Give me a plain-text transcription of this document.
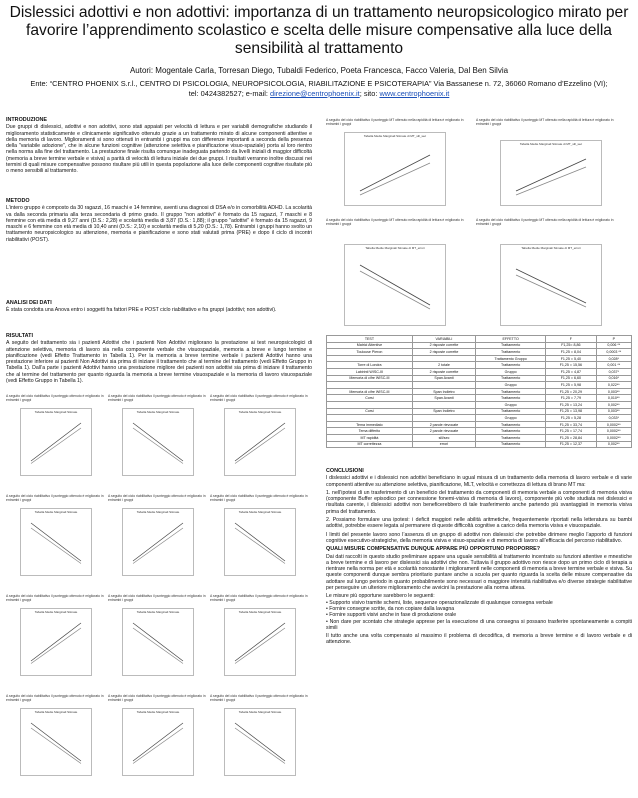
Dislessici adottivi e non adottivi: importanza di un trattamento neuropsicologico mirato per favorire l’apprendimento scolastico e scelta delle misure compensative alla luce della sensibilità al trattamento
Autori: Mogentale Carla, Torresan Diego, Tubaldi Federico, Poeta Francesca, Facco Valeria, Dal Ben Silvia
Ente: “CENTRO PHOENIX S.r.l., CENTRO DI PSICOLOGIA, NEUROPSICOLOGIA, RIABILITAZIONE E PSICOTERAPIA” Via Bassanese n. 72, 36060 Romano d’Ezzelino (VI);
tel: 0424382527; e-mail: direzione@centrophoenix.it; sito: www.centrophoenix.it
INTRODUZIONE

Due gruppi di dislessici, adottivi e non adottivi, sono stati appaiati per velocità di lettura e per variabili demografiche studiando il miglioramento statisticamente e clinicamente significativo ottenuto grazie a un trattamento mirato di alcune componenti attentive e della memoria di lavoro. Miglioramenti si sono ottenuti in entrambi i gruppi ma con differenze importanti a seconda della presenza della "variabile adozione", che in alcune funzioni cognitive (attenzione selettiva e pianificazione visuo-spaziale) porta al loro rientro nella norma alla fine del trattamento. La prestazione finale risulta comunque inadeguata partendo da livelli iniziali di maggior difficoltà (memoria a breve termine verbale e visiva) a parità di velocità di lettura iniziale dei due gruppi. I risultati verranno inoltre discussi nei termini di quali misure compensative possono risultare più utili in questa popolazione alla luce delle componenti cognitive risultate più o meno sensibili al trattamento.

METODO

L’intero gruppo è composto da 30 ragazzi, 16 maschi e 14 femmine, aventi una diagnosi di DSA e/o in comorbilità ADHD. La scolarità va dalla seconda primaria alla terza secondaria di primo grado. Il gruppo "non adottivi" è formato da 15 ragazzi, 7 maschi e 8 femmine con età media di 9,27 anni (D.S.: 2,28) e scolarità media di 3,87 (D.S.: 1,88); il gruppo "adottivi" è formato da 15 ragazzi, 9 maschi e 6 femmine con età media di 10,40 anni (D.S.: 2,10) e scolarità media di 5,20 (D.S.: 1,78). Entrambi i gruppi hanno svolto un trattamento neuropsicologico su attenzione, memoria e pianificazione e sono stati valutati prima (PRE) e dopo il ciclo di incontri riabilitativi (POST).

ANALISI DEI DATI

È stata condotta una Anova entro i soggetti fra fattori PRE e POST ciclo riabilitativo e fra gruppi (adottivi; non adottivi).

RISULTATI

A seguito del trattamento sia i pazienti Adottivi che i pazienti Non Adottivi migliorano la prestazione ai test neuropsicologici di attenzione selettiva, memoria di lavoro sia nella componente verbale che visuospaziale, memoria a breve e lungo termine e pianificazione (vedi Effetto Trattamento in Tabella 1). Per la memoria a breve termine verbale i pazienti Adottivi hanno una prestazione inferiore ai pazienti Non Adottivi sia prima di iniziare il trattamento che al termine del trattamento (vedi Effetto Gruppo in Tabella 1). Dall’a parte i pazienti Adottivi hanno una prestazione migliore dei pazienti non adottivi sia prima di iniziare il trattamento che al termine del trattamento per quanto riguarda la memoria a breve termine visuospaziale e la memoria di lavoro visuospaziale (vedi Effetto Gruppo in Tabella 1).

A seguito del ciclo riabilitativo il punteggio ottenuto è migliorato in entrambi i gruppi
Tabella Medie Marginali Stimate
A seguito del ciclo riabilitativo il punteggio ottenuto è migliorato in entrambi i gruppi
Tabella Medie Marginali Stimate
A seguito del ciclo riabilitativo il punteggio ottenuto è migliorato in entrambi i gruppi
Tabella Medie Marginali Stimate
A seguito del ciclo riabilitativo il punteggio ottenuto è migliorato in entrambi i gruppi
Tabella Medie Marginali Stimate
A seguito del ciclo riabilitativo il punteggio ottenuto è migliorato in entrambi i gruppi
Tabella Medie Marginali Stimate
A seguito del ciclo riabilitativo il punteggio ottenuto è migliorato in entrambi i gruppi
Tabella Medie Marginali Stimate
A seguito del ciclo riabilitativo il punteggio ottenuto è migliorato in entrambi i gruppi
Tabella Medie Marginali Stimate
A seguito del ciclo riabilitativo il punteggio ottenuto è migliorato in entrambi i gruppi
Tabella Medie Marginali Stimate
A seguito del ciclo riabilitativo il punteggio ottenuto è migliorato in entrambi i gruppi
Tabella Medie Marginali Stimate
A seguito del ciclo riabilitativo il punteggio ottenuto è migliorato in entrambi i gruppi
Tabella Medie Marginali Stimate
A seguito del ciclo riabilitativo il punteggio ottenuto è migliorato in entrambi i gruppi
Tabella Medie Marginali Stimate
A seguito del ciclo riabilitativo il punteggio ottenuto è migliorato in entrambi i gruppi
Tabella Medie Marginali Stimate
A seguito del ciclo riabilitativo il punteggio MT ottenuto nella rapidità di lettura è migliorato in entrambi i gruppi
Tabella Medie Marginali Stimate di MT_sill_sec
A seguito del ciclo riabilitativo il punteggio MT ottenuto nella rapidità di lettura è migliorato in entrambi i gruppi
Tabella Medie Marginali Stimate di MT_sill_sec
A seguito del ciclo riabilitativo il punteggio MT ottenuto nella rapidità di lettura è migliorato in entrambi i gruppi
Tabella Medie Marginali Stimate di MT_errori
A seguito del ciclo riabilitativo il punteggio MT ottenuto nella rapidità di lettura è migliorato in entrambi i gruppi
Tabella Medie Marginali Stimate di MT_errori
TEST	VARIABILI	EFFETTO	F	P
Matrici Attentive	2 risposte corrette	Trattamento	F1,25= 8,86	0,006 **
Toulouse Pieron	2 risposte corrette	Trattamento	F1,25 = 8,04	0,0003 **
		Trattamento Gruppo	F1,25 = 5,40	0,028*
Torre di Londra	2 totale	Trattamento	F1,25 = 15,56	0,001 **
Labirinti WISC-III	2 risposte corrette	Gruppo	F1,25 = 4,87	0,037*
Memoria di cifre WISC-III	Span Avanti	Trattamento	F1,25 = 6,60	0,016*
		Gruppo	F1,25 = 5,98	0,022**
Memoria di cifre WISC-III	Span Indietro	Trattamento	F1,25 = 20,29	0,003**
Corsi	Span Avanti	Trattamento	F1,25 = 7,79	0,010**
		Gruppo	F1,25 = 13,24	0,002**
Corsi	Span Indietro	Trattamento	F1,25 = 13,98	0,003**
		Gruppo	F1,25 = 5,28	0,033*
Tema immediato	2 parole rievocate	Trattamento	F1,25 = 33,74	0,0002**
Tema differito	2 parole rievocate	Trattamento	F1,25 = 17,74	0,0002**
MT rapidità	sill/sec	Trattamento	F1,25 = 28,84	0,0002**
MT correttezza	errori	Trattamento	F1,25 = 12,37	0,002**
CONCLUSIONI

I dislessici adottivi e i dislessici non adottivi beneficiano in ugual misura di un trattamento della memoria di lavoro verbale e di varie componenti attentive su attenzione selettiva, pianificazione, MLT, velocità e correttezza di lettura di brano MT ma:

1. nell’ipotesi di un trasferimento di un beneficio del trattamento da componenti di memoria verbale a componenti di memoria visiva (componente Buffer episodico per connessione fonemi-visiva di memoria di lavoro), componente più volte studiata nei dislessici e risultata carente, i dislessici adottivi non beneficerebbero di tale trasferimento anche partendo più svantaggiati in memoria visiva prima del trattamento.

2. Possiamo formulare una ipotesi: i deficit maggiori nelle abilità aritmetiche, frequentemente riportati nella letteratura su bambi adottivi, potrebbe essere legata al permanere di queste difficoltà cognitive a carico della memoria visiva e visuospaziale.

I limiti del presente lavoro sono l’assenza di un gruppo di adottivi non dislessici che potrebbe dirimere meglio l’apporto di funzioni cognitive esecutivo-strategiche, della memoria visiva e visuo-spaziale e di memoria di lavoro all’efficacia del percorso riabilitativo.

QUALI MISURE COMPENSATIVE DUNQUE APPARE PIÙ OPPORTUNO PROPORRE?

Dai dati raccolti in questo studio preliminare appare una uguale sensibilità al trattamento incentrato su funzioni attentive e mnestiche a breve termine e di lavoro per dislessici sia adottivi che non. Tuttavia il gruppo adottivo non riesce dopo un primo ciclo di terapia a rientrare nella norma per età e scolarità nonostante i miglioramenti nelle componenti di memoria a breve termine verbale e visiva. Su queste componenti dunque sembra prioritario puntare anche a scuola per quanto riguarda la scelta delle misure compensative da adottare sul lungo periodo in quanto probabilmente sono necessari o maggiore intensità riabilitativa e/o diverse strategie riabilitative per perseguire un ulteriore miglioramento che avvicini la prestazione alla norma attesa.

Le misure più opportune sarebbero le seguenti:

• Supporto visivo tramite schemi, liste, sequenze operazionalizzate di qualunque consegna verbale
• Fornire consegne scritte, da non copiare dalla lavagna
• Fornire supporti visivi anche in fase di produzione orale
• Non dare per scontato che strategie apprese per la esecuzione di una consegna si possano trasferire spontaneamente a compiti simili

Il tutto anche una volta compensato al massimo il problema di decodifica, di memoria a breve termine e di lavoro verbale e di attenzione.
